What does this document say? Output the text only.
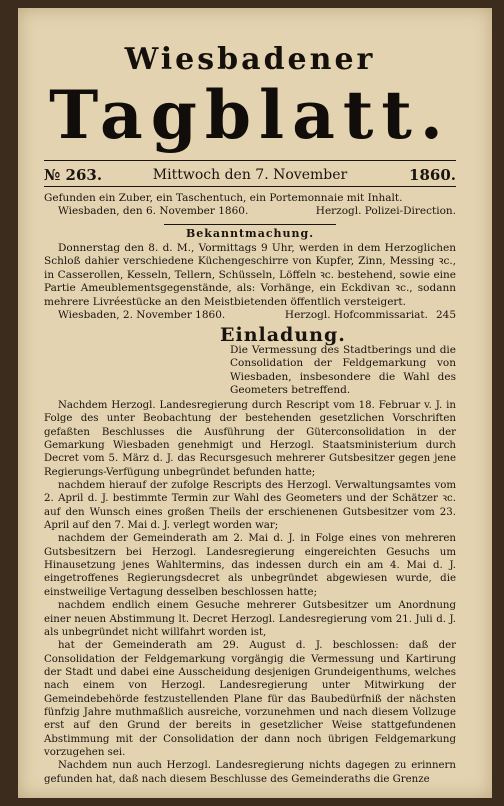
Wiesbadener
Tagblatt.
Mittwoch den 7. November
№ 263.	1860.
Gefunden ein Zuber, ein Taschentuch, ein Portemonnaie mit Inhalt.
Wiesbaden, den 6. November 1860.	Herzogl. Polizei-Direction.
Bekanntmachung.
Donnerstag den 8. d. M., Vormittags 9 Uhr, werden in dem Herzoglichen Schloß dahier verschiedene Küchengeschirre von Kupfer, Zinn, Messing ꝛc., in Casserollen, Kesseln, Tellern, Schüsseln, Löffeln ꝛc. bestehend, sowie eine Partie Ameublementsgegenstände, als: Vorhänge, ein Eckdivan ꝛc., sodann mehrere Livréestücke an den Meistbietenden öffentlich versteigert.
Wiesbaden, 2. November 1860.	Herzogl. Hofcommissariat. 245
Einladung.
Die Vermessung des Stadtberings und die Consolidation der Feldgemarkung von Wiesbaden, insbesondere die Wahl des Geometers betreffend.

Nachdem Herzogl. Landesregierung durch Rescript vom 18. Februar v. J. in Folge des unter Beobachtung der bestehenden gesetzlichen Vorschriften gefaßten Beschlusses die Ausführung der Güterconsolidation in der Gemarkung Wiesbaden genehmigt und Herzogl. Staatsministerium durch Decret vom 5. März d. J. das Recursgesuch mehrerer Gutsbesitzer gegen jene Regierungs-Verfügung unbegründet befunden hatte;

nachdem hierauf der zufolge Rescripts des Herzogl. Verwaltungsamtes vom 2. April d. J. bestimmte Termin zur Wahl des Geometers und der Schätzer ꝛc. auf den Wunsch eines großen Theils der erschienenen Gutsbesitzer vom 23. April auf den 7. Mai d. J. verlegt worden war;

nachdem der Gemeinderath am 2. Mai d. J. in Folge eines von mehreren Gutsbesitzern bei Herzogl. Landesregierung eingereichten Gesuchs um Hinausetzung jenes Wahltermins, das indessen durch ein am 4. Mai d. J. eingetroffenes Regierungsdecret als unbegründet abgewiesen wurde, die einstweilige Vertagung desselben beschlossen hatte;

nachdem endlich einem Gesuche mehrerer Gutsbesitzer um Anordnung einer neuen Abstimmung lt. Decret Herzogl. Landesregierung vom 21. Juli d. J. als unbegründet nicht willfahrt worden ist,

hat der Gemeinderath am 29. August d. J. beschlossen: daß der Consolidation der Feldgemarkung vorgängig die Vermessung und Kartirung der Stadt und dabei eine Ausscheidung desjenigen Grundeigenthums, welches nach einem von Herzogl. Landesregierung unter Mitwirkung der Gemeindebehörde festzustellenden Plane für das Baubedürfniß der nächsten fünfzig Jahre muthmaßlich ausreiche, vorzunehmen und nach diesem Vollzuge erst auf den Grund der bereits in gesetzlicher Weise stattgefundenen Abstimmung mit der Consolidation der dann noch übrigen Feldgemarkung vorzugehen sei.

Nachdem nun auch Herzogl. Landesregierung nichts dagegen zu erinnern gefunden hat, daß nach diesem Beschlusse des Gemeinderaths die Grenze
